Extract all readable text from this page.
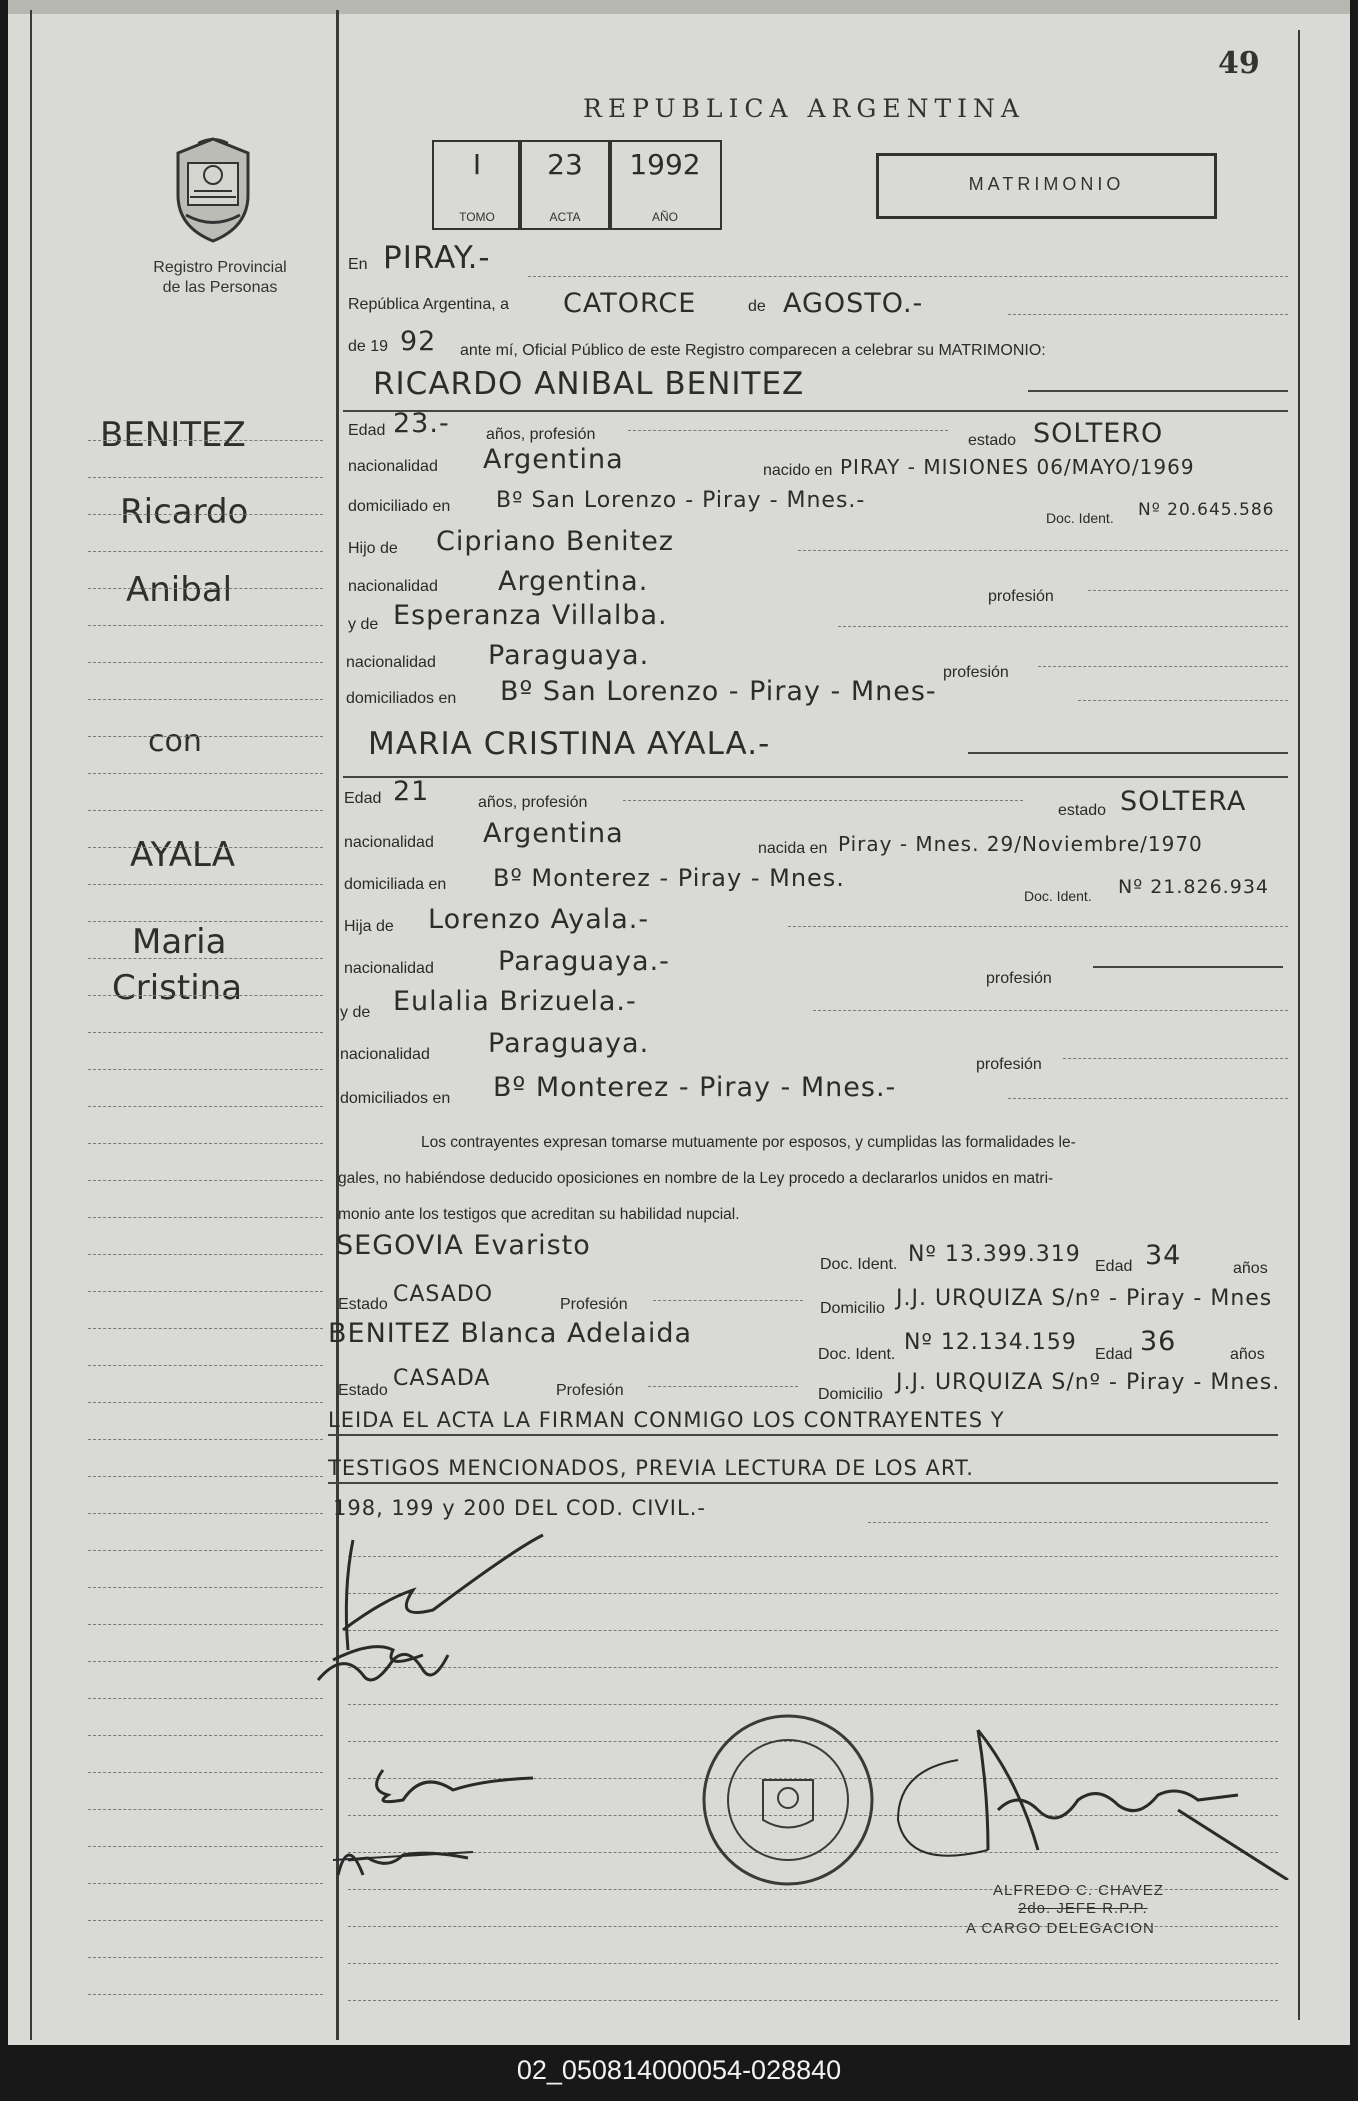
49
REPUBLICA ARGENTINA
Registro Provincial
de las Personas
I
TOMO
23
ACTA
1992
AÑO
MATRIMONIO
BENITEZ
Ricardo
Anibal
con
AYALA
Maria
Cristina
En PIRAY.-
República Argentina, a CATORCE	de AGOSTO.-
de 19 92 ante mí, Oficial Público de este Registro comparecen a celebrar su MATRIMONIO:
RICARDO ANIBAL BENITEZ
Edad 23.- años, profesión	estado SOLTERO
nacionalidad Argentina	nacido en PIRAY - MISIONES 06/MAYO/1969
domiciliado en Bº San Lorenzo - Piray - Mnes.-
Doc. Ident. Nº 20.645.586
Hijo de Cipriano Benitez
nacionalidad Argentina.	profesión
y de Esperanza Villalba.
nacionalidad Paraguaya.
profesión
domiciliados en Bº San Lorenzo - Piray - Mnes-
MARIA CRISTINA AYALA.-
Edad 21	años, profesión	estado SOLTERA
nacionalidad Argentina	nacida en Piray - Mnes. 29/Noviembre/1970
domiciliada en Bº Monterez - Piray - Mnes.
Doc. Ident. Nº 21.826.934
Hija de Lorenzo Ayala.-
nacionalidad Paraguaya.-
profesión
y de Eulalia Brizuela.-
nacionalidad Paraguaya.
profesión
domiciliados en Bº Monterez - Piray - Mnes.-
Los contrayentes expresan tomarse mutuamente por esposos, y cumplidas las formalidades le-
gales, no habiéndose deducido oposiciones en nombre de la Ley procedo a declararlos unidos en matri-
monio ante los testigos que acreditan su habilidad nupcial.
SEGOVIA Evaristo
Doc. Ident. Nº 13.399.319 Edad 34	años
Estado CASADO	Profesión	Domicilio J.J. URQUIZA S/nº - Piray - Mnes
BENITEZ Blanca Adelaida
Doc. Ident. Nº 12.134.159 Edad 36	años
Estado CASADA	Profesión	Domicilio J.J. URQUIZA S/nº - Piray - Mnes.
LEIDA EL ACTA LA FIRMAN CONMIGO LOS CONTRAYENTES Y
TESTIGOS MENCIONADOS, PREVIA LECTURA DE LOS ART.
198, 199 y 200 DEL COD. CIVIL.-
ALFREDO C. CHAVEZ
2do. JEFE R.P.P.
A CARGO DELEGACION
02_050814000054-028840
